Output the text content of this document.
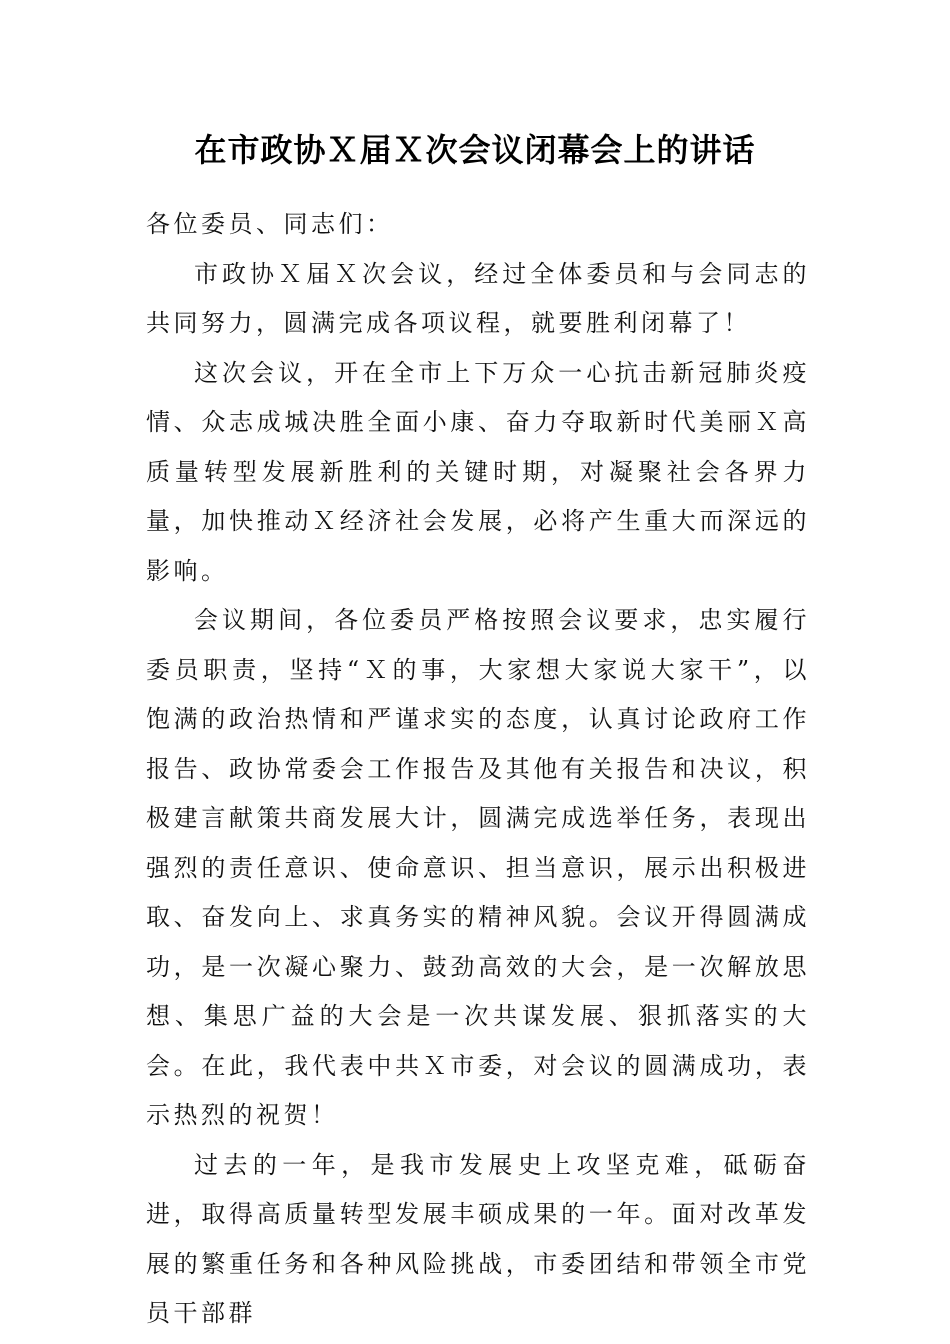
在市政协Ｘ届Ｘ次会议闭幕会上的讲话

各位委员、同志们：

市政协Ｘ届Ｘ次会议，经过全体委员和与会同志的共同努力，圆满完成各项议程，就要胜利闭幕了！

这次会议，开在全市上下万众一心抗击新冠肺炎疫情、众志成城决胜全面小康、奋力夺取新时代美丽Ｘ高质量转型发展新胜利的关键时期，对凝聚社会各界力量，加快推动Ｘ经济社会发展，必将产生重大而深远的影响。

会议期间，各位委员严格按照会议要求，忠实履行委员职责，坚持“Ｘ的事，大家想大家说大家干”，以饱满的政治热情和严谨求实的态度，认真讨论政府工作报告、政协常委会工作报告及其他有关报告和决议，积极建言献策共商发展大计，圆满完成选举任务，表现出强烈的责任意识、使命意识、担当意识，展示出积极进取、奋发向上、求真务实的精神风貌。会议开得圆满成功，是一次凝心聚力、鼓劲高效的大会，是一次解放思想、集思广益的大会是一次共谋发展、狠抓落实的大会。在此，我代表中共Ｘ市委，对会议的圆满成功，表示热烈的祝贺！

过去的一年，是我市发展史上攻坚克难，砥砺奋进，取得高质量转型发展丰硕成果的一年。面对改革发展的繁重任务和各种风险挑战，市委团结和带领全市党员干部群
